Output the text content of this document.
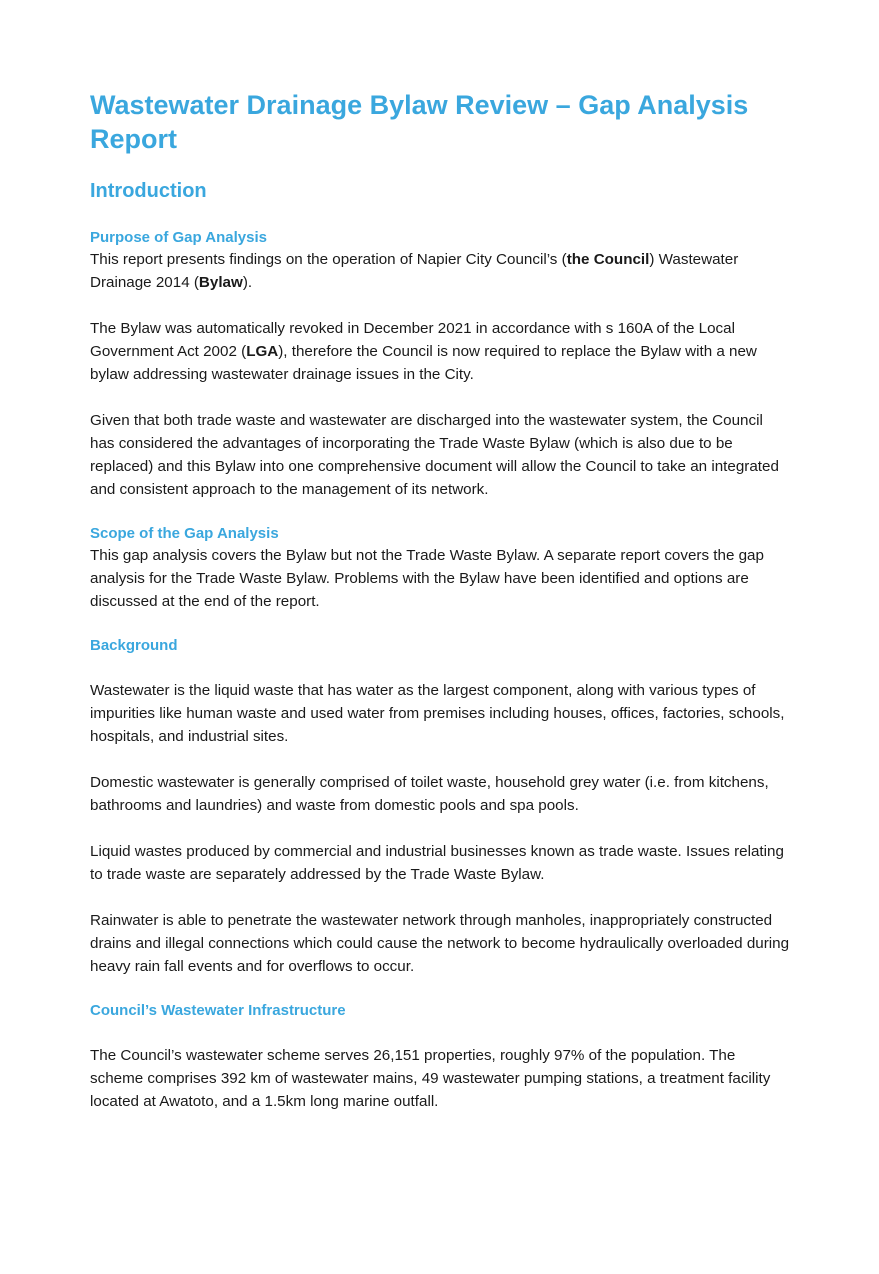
Wastewater Drainage Bylaw Review – Gap Analysis Report
Introduction
Purpose of Gap Analysis

This report presents findings on the operation of Napier City Council’s (the Council) Wastewater Drainage 2014 (Bylaw).

The Bylaw was automatically revoked in December 2021 in accordance with s 160A of the Local Government Act 2002 (LGA), therefore the Council is now required to replace the Bylaw with a new bylaw addressing wastewater drainage issues in the City.

Given that both trade waste and wastewater are discharged into the wastewater system, the Council has considered the advantages of incorporating the Trade Waste Bylaw (which is also due to be replaced) and this Bylaw into one comprehensive document will allow the Council to take an integrated and consistent approach to the management of its network.

Scope of the Gap Analysis

This gap analysis covers the Bylaw but not the Trade Waste Bylaw. A separate report covers the gap analysis for the Trade Waste Bylaw. Problems with the Bylaw have been identified and options are discussed at the end of the report.

Background

Wastewater is the liquid waste that has water as the largest component, along with various types of impurities like human waste and used water from premises including houses, offices, factories, schools, hospitals, and industrial sites.

Domestic wastewater is generally comprised of toilet waste, household grey water (i.e. from kitchens, bathrooms and laundries) and waste from domestic pools and spa pools.

Liquid wastes produced by commercial and industrial businesses known as trade waste. Issues relating to trade waste are separately addressed by the Trade Waste Bylaw.

Rainwater is able to penetrate the wastewater network through manholes, inappropriately constructed drains and illegal connections which could cause the network to become hydraulically overloaded during heavy rain fall events and for overflows to occur.

Council’s Wastewater Infrastructure

The Council’s wastewater scheme serves 26,151 properties, roughly 97% of the population. The scheme comprises 392 km of wastewater mains, 49 wastewater pumping stations, a treatment facility located at Awatoto, and a 1.5km long marine outfall.
